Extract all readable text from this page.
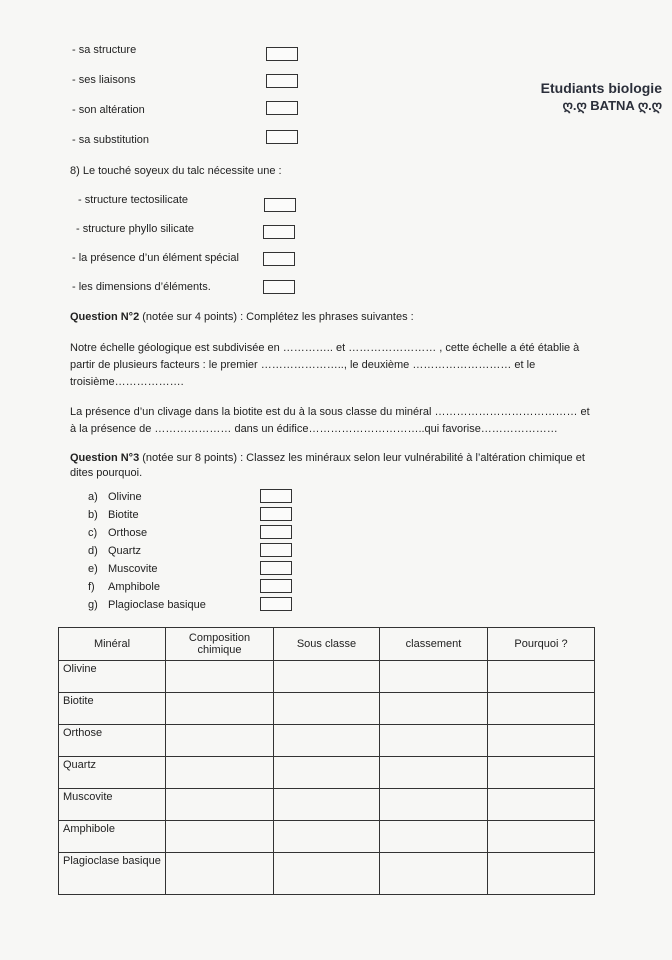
Etudiants biologie
ღ.ღ BATNA ღ.ღ
- sa structure
- ses liaisons
- son altération
- sa substitution
8) Le touché soyeux du talc nécessite une :
- structure tectosilicate
- structure phyllo silicate
- la présence d’un élément spécial
- les dimensions d’éléments.
Question N°2 (notée sur 4 points) : Complétez les phrases suivantes :
Notre échelle géologique est subdivisée en ………….. et …………………… , cette échelle a été établie à partir de plusieurs facteurs : le premier ………………….., le deuxième ……………………… et le troisième……………….
La présence d’un clivage dans la biotite est du à la sous classe du minéral ………………………………… et à la présence de ………………… dans un édifice…………………………..qui favorise…………………
Question N°3 (notée sur 8 points) : Classez les minéraux selon leur vulnérabilité à l’altération chimique et dites pourquoi.
a) Olivine
b) Biotite
c) Orthose
d) Quartz
e) Muscovite
f) Amphibole
g) Plagioclase basique
Minéral	Composition chimique	Sous classe	classement	Pourquoi ?
Olivine				
Biotite				
Orthose				
Quartz				
Muscovite				
Amphibole				
Plagioclase basique				
